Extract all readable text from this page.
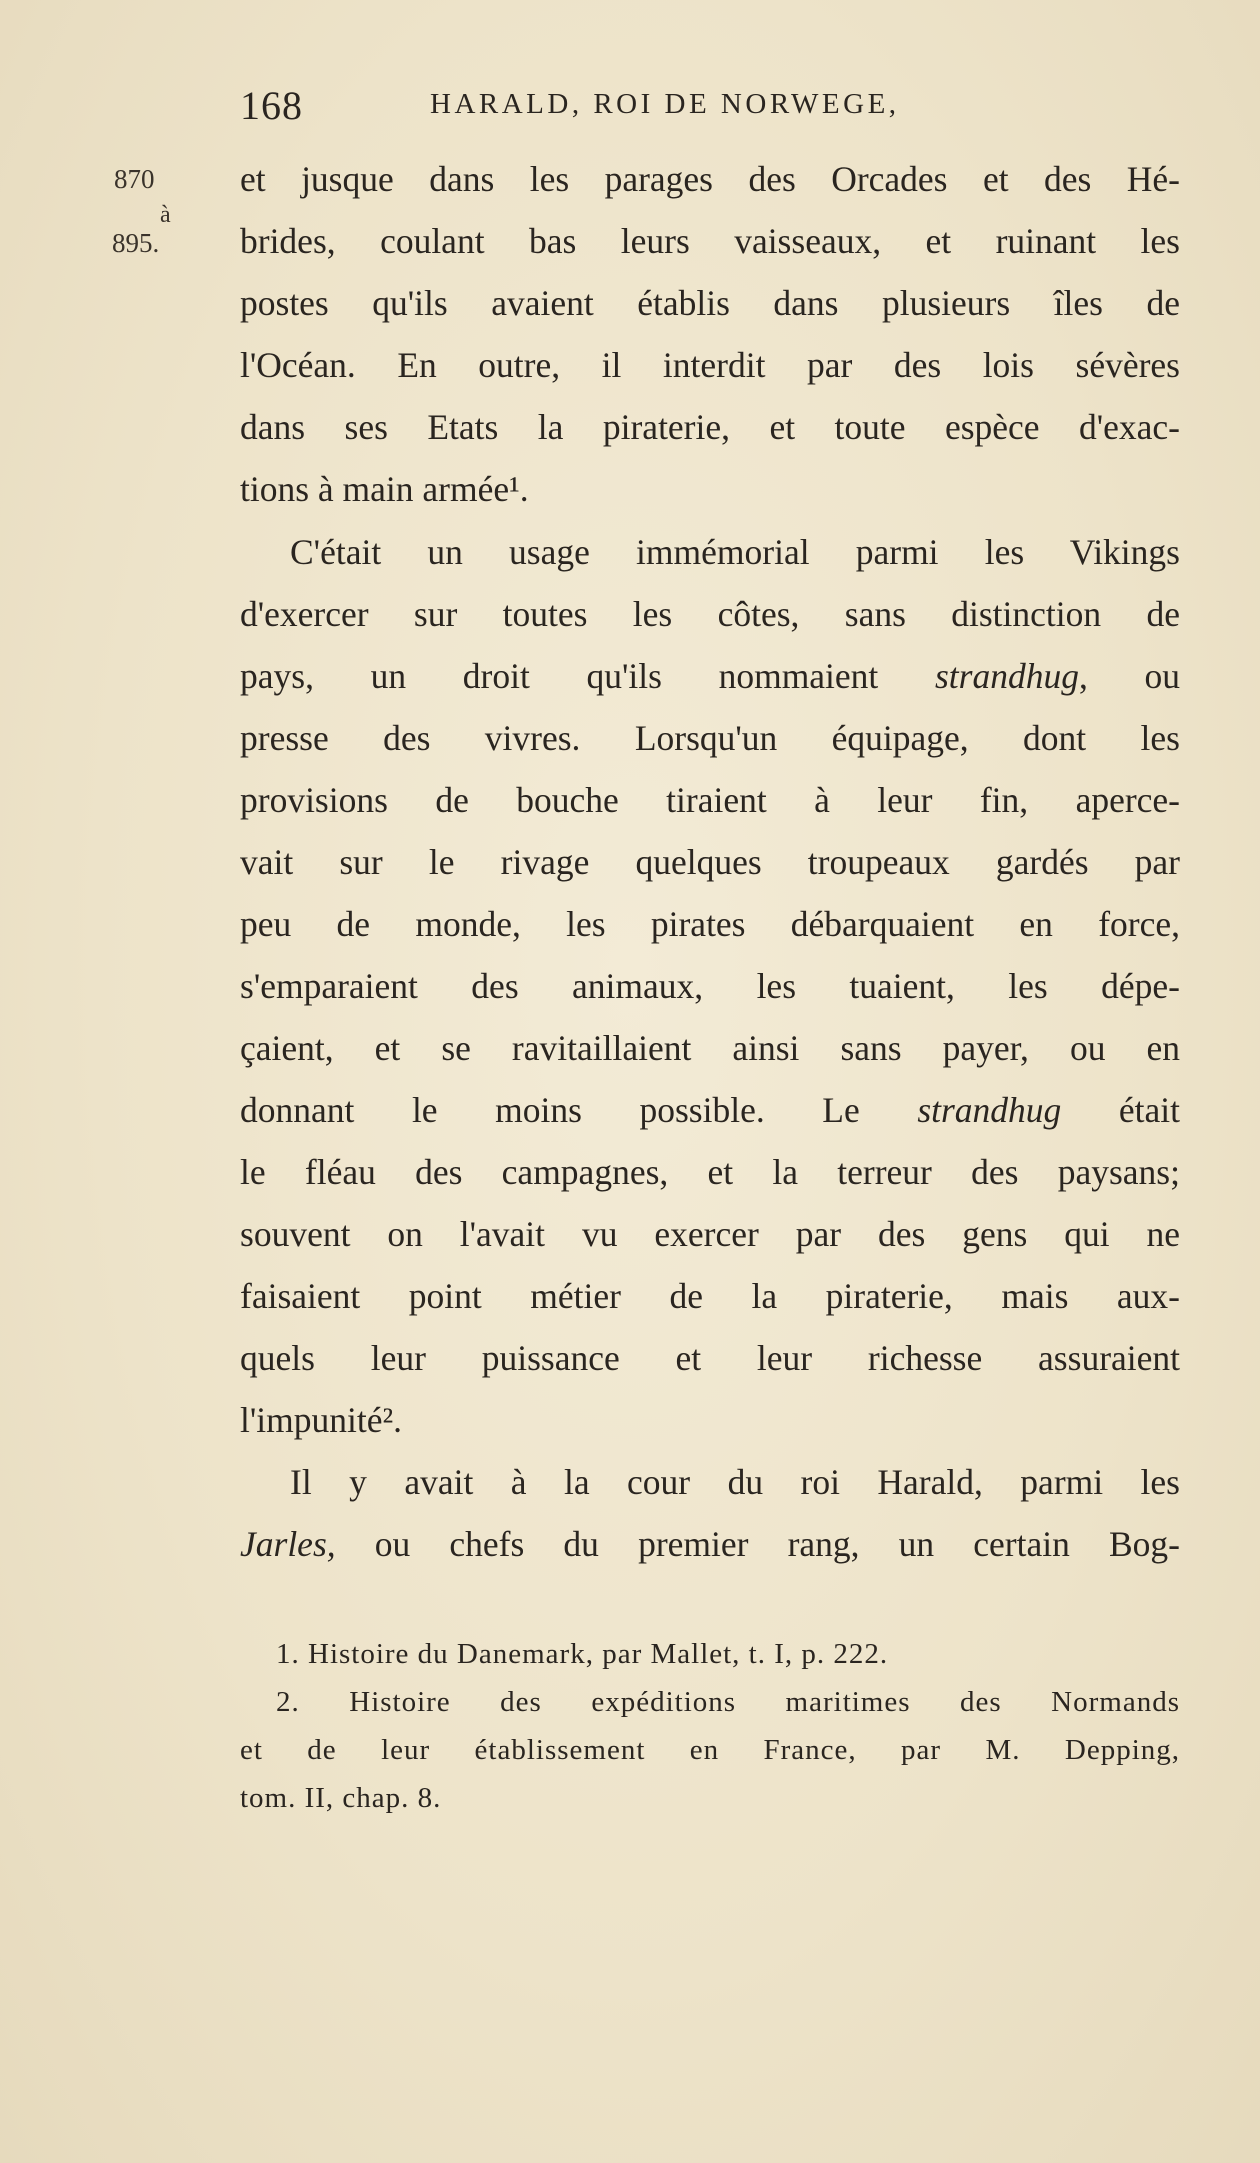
168	HARALD, ROI DE NORWEGE,
870
à
895.
et jusque dans les parages des Orcades et des Hé-
brides, coulant bas leurs vaisseaux, et ruinant les
postes qu'ils avaient établis dans plusieurs îles de
l'Océan. En outre, il interdit par des lois sévères
dans ses Etats la piraterie, et toute espèce d'exac-
tions à main armée¹.
C'était un usage immémorial parmi les Vikings
d'exercer sur toutes les côtes, sans distinction de
pays, un droit qu'ils nommaient strandhug, ou
presse des vivres. Lorsqu'un équipage, dont les
provisions de bouche tiraient à leur fin, aperce-
vait sur le rivage quelques troupeaux gardés par
peu de monde, les pirates débarquaient en force,
s'emparaient des animaux, les tuaient, les dépe-
çaient, et se ravitaillaient ainsi sans payer, ou en
donnant le moins possible. Le strandhug était
le fléau des campagnes, et la terreur des paysans;
souvent on l'avait vu exercer par des gens qui ne
faisaient point métier de la piraterie, mais aux-
quels leur puissance et leur richesse assuraient
l'impunité².
Il y avait à la cour du roi Harald, parmi les
Jarles, ou chefs du premier rang, un certain Bog-
1. Histoire du Danemark, par Mallet, t. I, p. 222.
2. Histoire des expéditions maritimes des Normands
et de leur établissement en France, par M. Depping,
tom. II, chap. 8.
